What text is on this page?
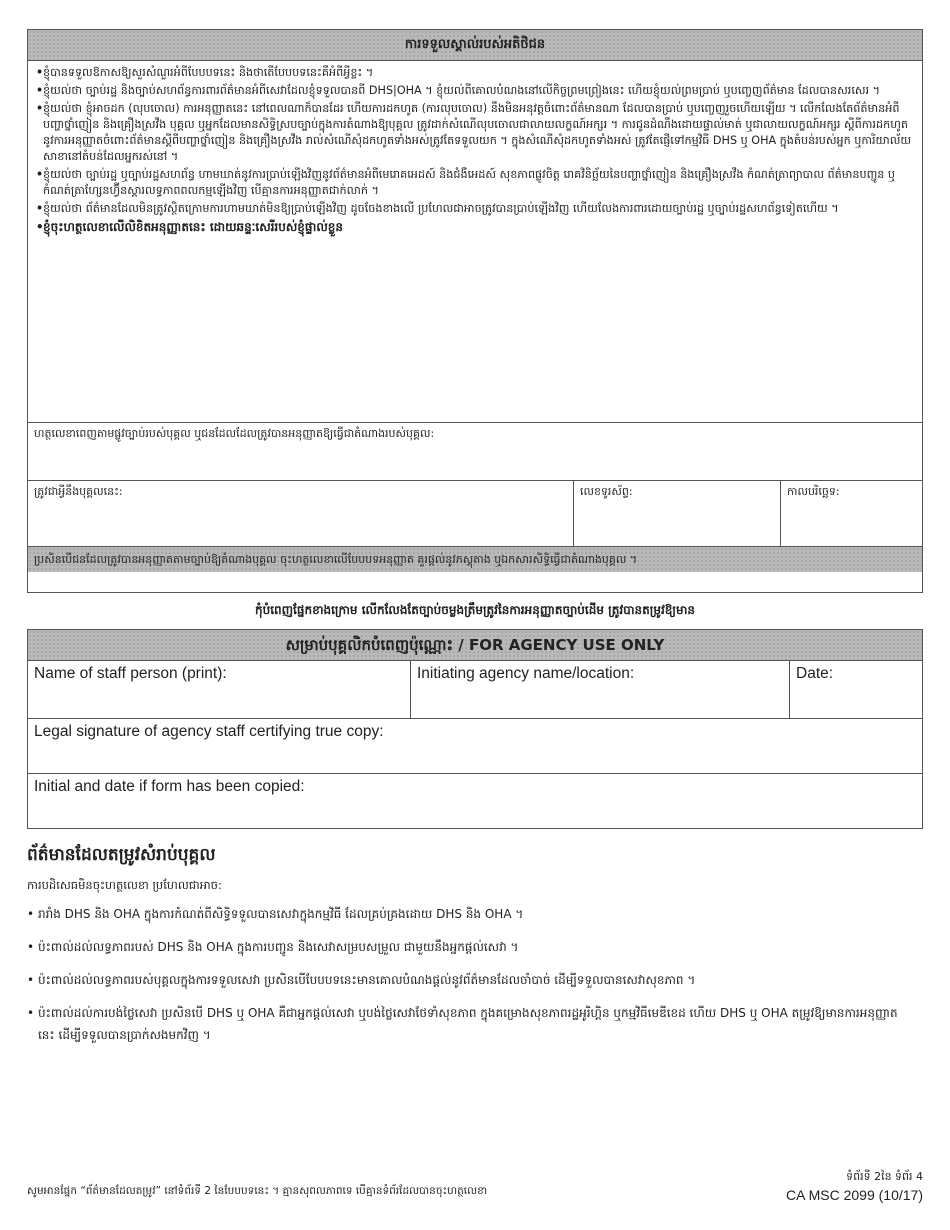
ការទទួលស្គាល់របស់អតិថិជន
• ខ្ញុំបានទទួលឱកាសឱ្យសួរសំណួរអំពីបែបបទនេះ និងថាតើបែបបទនេះគឺអំពីអ្វីខ្លះ ។
• ខ្ញុំយល់ថា ច្បាប់រដ្ឋ និងច្បាប់សហព័ន្ធការពារព័ត៌មានអំពីសេវាដែលខ្ញុំទទួលបានពី DHS|OHA ។ ខ្ញុំយល់ពីគោលបំណងនៅលើកិច្ចព្រមព្រៀងនេះ ហើយខ្ញុំយល់ព្រមប្រាប់ ឬបញ្ចេញព័ត៌មាន ដែលបានសរសេរ ។
• ខ្ញុំយល់ថា ខ្ញុំអាចដក (លុបចោល) ការអនុញ្ញាតនេះ នៅពេលណាក៏បានដែរ ហើយការដកហូត (ការលុបចោល) នឹងមិនអនុវត្តចំពោះព័ត៌មានណា ដែលបានប្រាប់ ឬបញ្ចេញរួចហើយឡើយ ។ លើកលែងតែព័ត៌មានអំពីបញ្ហាថ្នាំញៀន និងគ្រឿងស្រវឹង បុគ្គល ឬអ្នកដែលមានសិទ្ធិស្របច្បាប់ក្នុងការតំណាងឱ្យបុគ្គល ត្រូវដាក់សំណើលុបចោលជាលាយលក្ខណ៍អក្សរ ។ ការជូនដំណឹងដោយផ្ទាល់មាត់ ឬជាលាយលក្ខណ៍អក្សរ ស្តីពីការដកហូតនូវការអនុញ្ញាតចំពោះព័ត៌មានស្តីពីបញ្ហាថ្នាំញៀន និងគ្រឿងស្រវឹង រាល់សំណើសុំដកហូតទាំងអស់ត្រូវតែទទួលយក ។ ក្នុងសំណើសុំដកហូតទាំងអស់ ត្រូវតែផ្ញើទៅកម្មវិធី DHS ឬ OHA ក្នុងតំបន់របស់អ្នក ឬការិយាល័យសាខានៅតំបន់ដែលអ្នករស់នៅ ។
• ខ្ញុំយល់ថា ច្បាប់រដ្ឋ ឬច្បាប់រដ្ឋសហព័ន្ធ ហាមឃាត់នូវការប្រាប់ឡើងវិញនូវព័ត៌មានអំពីមេរោគអេដស៍ និងជំងឺអេដស៍ សុខភាពផ្លូវចិត្ត រោគវិនិច្ឆ័យនៃបញ្ហាថ្នាំញៀន និងគ្រឿងស្រវឹង កំណត់ត្រាព្យាបាល ព័ត៌មានបញ្ជូន ឬកំណត់ត្រាហ្សែនហ្វ៊ីនស្តារលទ្ធភាពពលកម្មឡើងវិញ បើគ្មានការអនុញ្ញាតជាក់លាក់ ។
• ខ្ញុំយល់ថា ព័ត៌មានដែលមិនត្រូវស្ថិតក្រោមការហាមឃាត់មិនឱ្យប្រាប់ឡើងវិញ ដូចចែងខាងលើ ប្រហែលជាអាចត្រូវបានប្រាប់ឡើងវិញ ហើយលែងការពារដោយច្បាប់រដ្ឋ ឬច្បាប់រដ្ឋសហព័ន្ធទៀតហើយ ។
• ខ្ញុំចុះហត្ថលេខាលើលិខិតអនុញ្ញាតនេះ ដោយឆន្ទៈសេរីរបស់ខ្ញុំផ្ទាល់ខ្លួន
ហត្ថលេខាពេញតាមផ្លូវច្បាប់របស់បុគ្គល ឬជនដែលដែលត្រូវបានអនុញ្ញាតឱ្យធ្វើជាតំណាងរបស់បុគ្គល:
ត្រូវជាអ្វីនឹងបុគ្គលនេះ:	លេខទូរស័ព្ទ:	កាលបរិច្ឆេទ:
ប្រសិនបើជនដែលត្រូវបានអនុញ្ញាតតាមច្បាប់ឱ្យតំណាងបុគ្គល ចុះហត្ថលេខាលើបែបបទអនុញ្ញាត គួរផ្តល់នូវភស្តុតាង ឬឯកសារសិទ្ធិធ្វើជាតំណាងបុគ្គល ។
កុំបំពេញផ្នែកខាងក្រោម លើកលែងតែច្បាប់ចម្លងត្រឹមត្រូវនៃការអនុញ្ញាតច្បាប់ដើម ត្រូវបានតម្រូវឱ្យមាន
សម្រាប់បុគ្គលិកបំពេញប៉ុណ្ណោះ / FOR AGENCY USE ONLY
Name of staff person (print):	Initiating agency name/location:	Date:
Legal signature of agency staff certifying true copy:
Initial and date if form has been copied:
ព័ត៌មានដែលតម្រូវសំរាប់បុគ្គល
ការបដិសេធមិនចុះហត្ថលេខា ប្រហែលជាអាច:
• រារាំង DHS និង OHA ក្នុងការកំណត់ពីសិទ្ធិទទួលបានសេវាក្នុងកម្មវិធី ដែលគ្រប់គ្រងដោយ DHS និង OHA ។
• ប៉ះពាល់ដល់លទ្ធភាពរបស់ DHS និង OHA ក្នុងការបញ្ជូន និងសេវាសម្របសម្រួល ជាមួយនឹងអ្នកផ្តល់សេវា ។
• ប៉ះពាល់ដល់លទ្ធភាពរបស់បុគ្គលក្នុងការទទួលសេវា ប្រសិនបើបែបបទនេះមានគោលបំណងផ្តល់នូវព័ត៌មានដែលចាំបាច់ ដើម្បីទទួលបានសេវាសុខភាព ។
• ប៉ះពាល់ដល់ការបង់ថ្លៃសេវា ប្រសិនបើ DHS ឬ OHA គឺជាអ្នកផ្តល់សេវា ឬបង់ថ្លៃសេវាថែទាំសុខភាព ក្នុងគម្រោងសុខភាពរដ្ឋអូរិហ្គិន ឬកម្មវិធីមេឌីខេដ ហើយ DHS ឬ OHA តម្រូវឱ្យមានការអនុញ្ញាតនេះ ដើម្បីទទួលបានប្រាក់សងមកវិញ ។
សូមអានផ្នែក “ព័ត៌មានដែលតម្រូវ” នៅទំព័រទី 2 នៃបែបបទនេះ ។ គ្មានសុពលភាពទេ បើគ្មានទំព័រដែលបានចុះហត្ថលេខា
ទំព័រទី 2នៃ ទំព័រ 4
CA MSC 2099 (10/17)
